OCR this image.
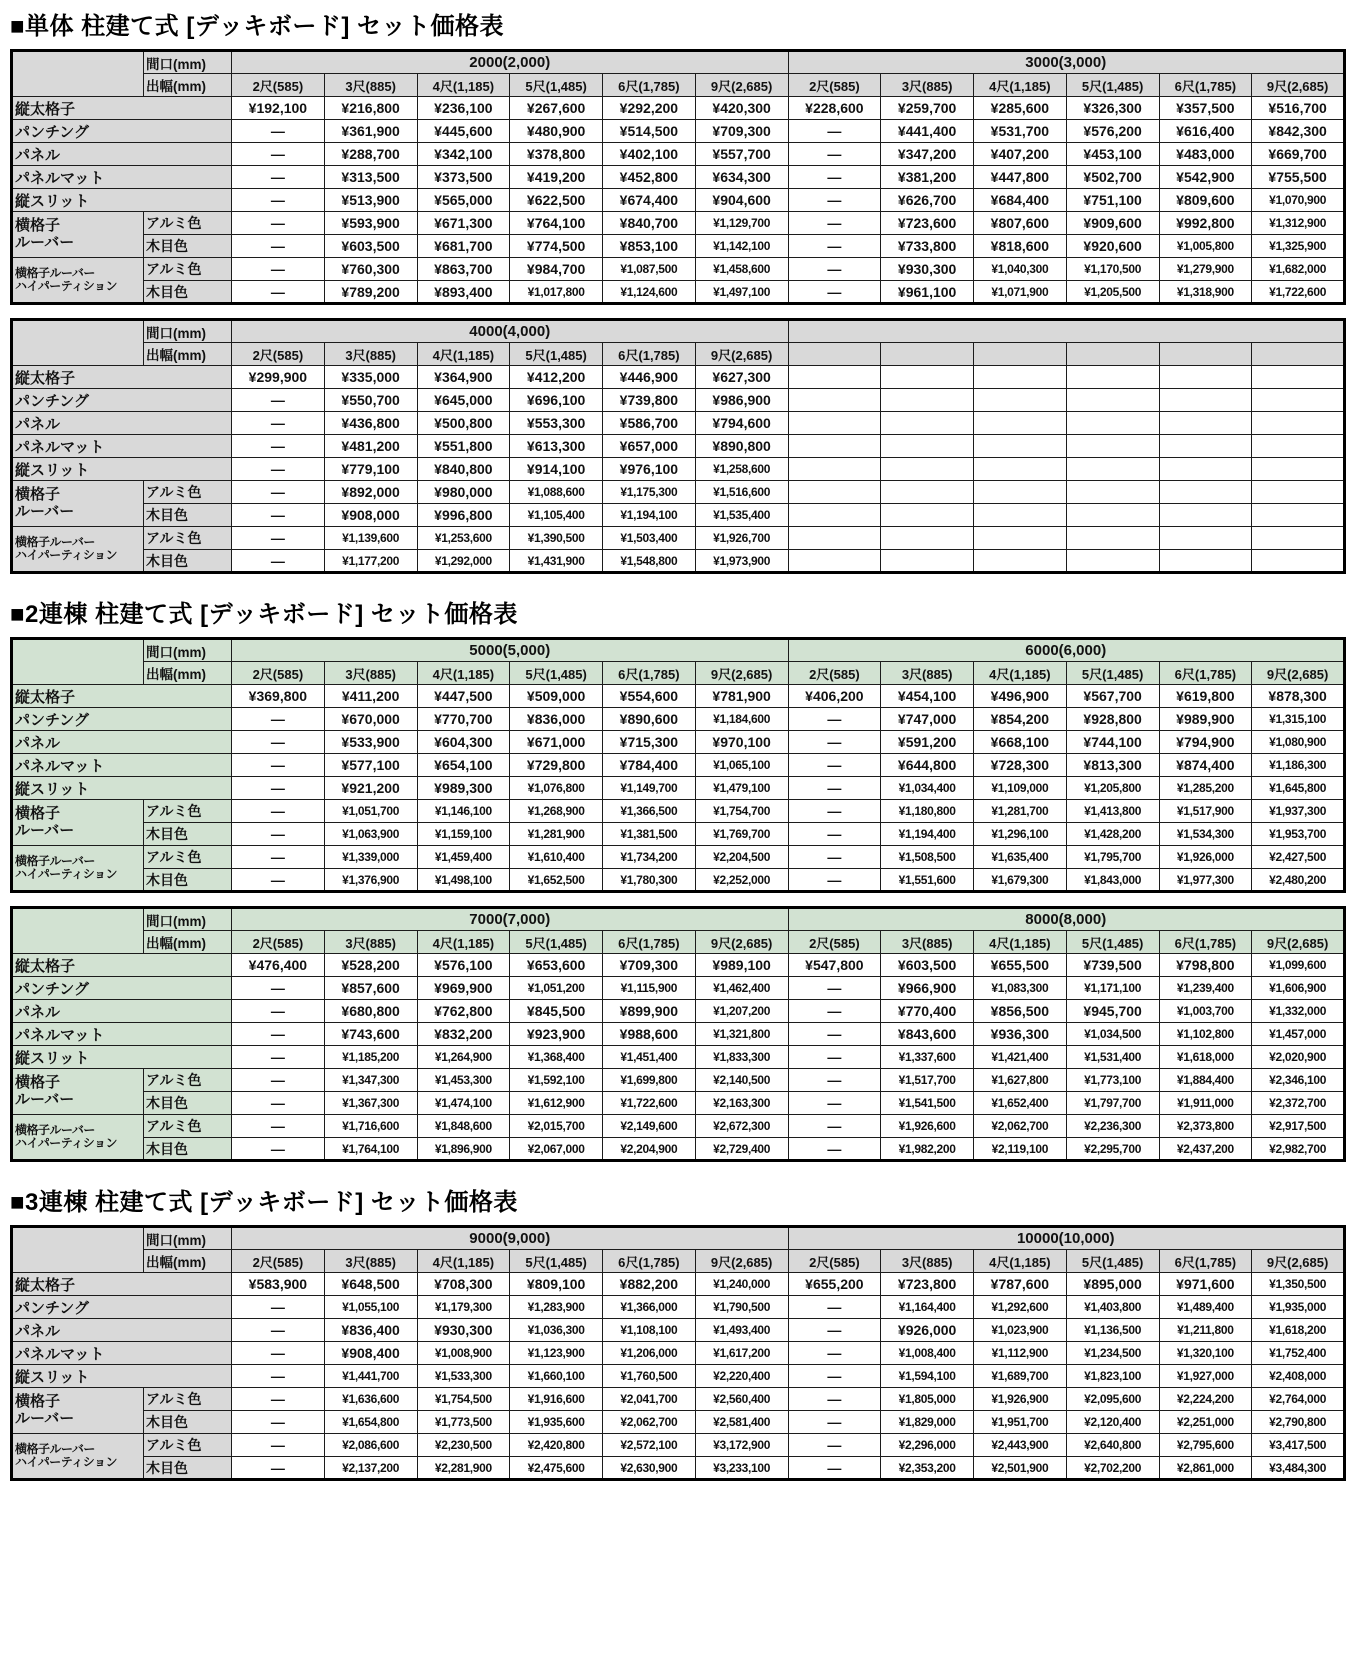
■単体 柱建て式 [デッキボード] セット価格表
	間口(mm)	2000(2,000)						3000(3,000)					
	出幅(mm)	2尺(585)	3尺(885)	4尺(1,185)	5尺(1,485)	6尺(1,785)	9尺(2,685)	2尺(585)	3尺(885)	4尺(1,185)	5尺(1,485)	6尺(1,785)	9尺(2,685)
縦太格子		¥192,100	¥216,800	¥236,100	¥267,600	¥292,200	¥420,300	¥228,600	¥259,700	¥285,600	¥326,300	¥357,500	¥516,700
パンチング		—	¥361,900	¥445,600	¥480,900	¥514,500	¥709,300	—	¥441,400	¥531,700	¥576,200	¥616,400	¥842,300
パネル		—	¥288,700	¥342,100	¥378,800	¥402,100	¥557,700	—	¥347,200	¥407,200	¥453,100	¥483,000	¥669,700
パネルマット		—	¥313,500	¥373,500	¥419,200	¥452,800	¥634,300	—	¥381,200	¥447,800	¥502,700	¥542,900	¥755,500
縦スリット		—	¥513,900	¥565,000	¥622,500	¥674,400	¥904,600	—	¥626,700	¥684,400	¥751,100	¥809,600	¥1,070,900
横格子
ルーバー	アルミ色	—	¥593,900	¥671,300	¥764,100	¥840,700	¥1,129,700	—	¥723,600	¥807,600	¥909,600	¥992,800	¥1,312,900
	木目色	—	¥603,500	¥681,700	¥774,500	¥853,100	¥1,142,100	—	¥733,800	¥818,600	¥920,600	¥1,005,800	¥1,325,900
横格子ルーバー
ハイパーティション	アルミ色	—	¥760,300	¥863,700	¥984,700	¥1,087,500	¥1,458,600	—	¥930,300	¥1,040,300	¥1,170,500	¥1,279,900	¥1,682,000
	木目色	—	¥789,200	¥893,400	¥1,017,800	¥1,124,600	¥1,497,100	—	¥961,100	¥1,071,900	¥1,205,500	¥1,318,900	¥1,722,600
	間口(mm)	4000(4,000)											
	出幅(mm)	2尺(585)	3尺(885)	4尺(1,185)	5尺(1,485)	6尺(1,785)	9尺(2,685)						
縦太格子		¥299,900	¥335,000	¥364,900	¥412,200	¥446,900	¥627,300						
パンチング		—	¥550,700	¥645,000	¥696,100	¥739,800	¥986,900						
パネル		—	¥436,800	¥500,800	¥553,300	¥586,700	¥794,600						
パネルマット		—	¥481,200	¥551,800	¥613,300	¥657,000	¥890,800						
縦スリット		—	¥779,100	¥840,800	¥914,100	¥976,100	¥1,258,600						
横格子
ルーバー	アルミ色	—	¥892,000	¥980,000	¥1,088,600	¥1,175,300	¥1,516,600						
	木目色	—	¥908,000	¥996,800	¥1,105,400	¥1,194,100	¥1,535,400						
横格子ルーバー
ハイパーティション	アルミ色	—	¥1,139,600	¥1,253,600	¥1,390,500	¥1,503,400	¥1,926,700						
	木目色	—	¥1,177,200	¥1,292,000	¥1,431,900	¥1,548,800	¥1,973,900						
■2連棟 柱建て式 [デッキボード] セット価格表
	間口(mm)	5000(5,000)						6000(6,000)					
	出幅(mm)	2尺(585)	3尺(885)	4尺(1,185)	5尺(1,485)	6尺(1,785)	9尺(2,685)	2尺(585)	3尺(885)	4尺(1,185)	5尺(1,485)	6尺(1,785)	9尺(2,685)
縦太格子		¥369,800	¥411,200	¥447,500	¥509,000	¥554,600	¥781,900	¥406,200	¥454,100	¥496,900	¥567,700	¥619,800	¥878,300
パンチング		—	¥670,000	¥770,700	¥836,000	¥890,600	¥1,184,600	—	¥747,000	¥854,200	¥928,800	¥989,900	¥1,315,100
パネル		—	¥533,900	¥604,300	¥671,000	¥715,300	¥970,100	—	¥591,200	¥668,100	¥744,100	¥794,900	¥1,080,900
パネルマット		—	¥577,100	¥654,100	¥729,800	¥784,400	¥1,065,100	—	¥644,800	¥728,300	¥813,300	¥874,400	¥1,186,300
縦スリット		—	¥921,200	¥989,300	¥1,076,800	¥1,149,700	¥1,479,100	—	¥1,034,400	¥1,109,000	¥1,205,800	¥1,285,200	¥1,645,800
横格子
ルーバー	アルミ色	—	¥1,051,700	¥1,146,100	¥1,268,900	¥1,366,500	¥1,754,700	—	¥1,180,800	¥1,281,700	¥1,413,800	¥1,517,900	¥1,937,300
	木目色	—	¥1,063,900	¥1,159,100	¥1,281,900	¥1,381,500	¥1,769,700	—	¥1,194,400	¥1,296,100	¥1,428,200	¥1,534,300	¥1,953,700
横格子ルーバー
ハイパーティション	アルミ色	—	¥1,339,000	¥1,459,400	¥1,610,400	¥1,734,200	¥2,204,500	—	¥1,508,500	¥1,635,400	¥1,795,700	¥1,926,000	¥2,427,500
	木目色	—	¥1,376,900	¥1,498,100	¥1,652,500	¥1,780,300	¥2,252,000	—	¥1,551,600	¥1,679,300	¥1,843,000	¥1,977,300	¥2,480,200
	間口(mm)	7000(7,000)						8000(8,000)					
	出幅(mm)	2尺(585)	3尺(885)	4尺(1,185)	5尺(1,485)	6尺(1,785)	9尺(2,685)	2尺(585)	3尺(885)	4尺(1,185)	5尺(1,485)	6尺(1,785)	9尺(2,685)
縦太格子		¥476,400	¥528,200	¥576,100	¥653,600	¥709,300	¥989,100	¥547,800	¥603,500	¥655,500	¥739,500	¥798,800	¥1,099,600
パンチング		—	¥857,600	¥969,900	¥1,051,200	¥1,115,900	¥1,462,400	—	¥966,900	¥1,083,300	¥1,171,100	¥1,239,400	¥1,606,900
パネル		—	¥680,800	¥762,800	¥845,500	¥899,900	¥1,207,200	—	¥770,400	¥856,500	¥945,700	¥1,003,700	¥1,332,000
パネルマット		—	¥743,600	¥832,200	¥923,900	¥988,600	¥1,321,800	—	¥843,600	¥936,300	¥1,034,500	¥1,102,800	¥1,457,000
縦スリット		—	¥1,185,200	¥1,264,900	¥1,368,400	¥1,451,400	¥1,833,300	—	¥1,337,600	¥1,421,400	¥1,531,400	¥1,618,000	¥2,020,900
横格子
ルーバー	アルミ色	—	¥1,347,300	¥1,453,300	¥1,592,100	¥1,699,800	¥2,140,500	—	¥1,517,700	¥1,627,800	¥1,773,100	¥1,884,400	¥2,346,100
	木目色	—	¥1,367,300	¥1,474,100	¥1,612,900	¥1,722,600	¥2,163,300	—	¥1,541,500	¥1,652,400	¥1,797,700	¥1,911,000	¥2,372,700
横格子ルーバー
ハイパーティション	アルミ色	—	¥1,716,600	¥1,848,600	¥2,015,700	¥2,149,600	¥2,672,300	—	¥1,926,600	¥2,062,700	¥2,236,300	¥2,373,800	¥2,917,500
	木目色	—	¥1,764,100	¥1,896,900	¥2,067,000	¥2,204,900	¥2,729,400	—	¥1,982,200	¥2,119,100	¥2,295,700	¥2,437,200	¥2,982,700
■3連棟 柱建て式 [デッキボード] セット価格表
	間口(mm)	9000(9,000)						10000(10,000)					
	出幅(mm)	2尺(585)	3尺(885)	4尺(1,185)	5尺(1,485)	6尺(1,785)	9尺(2,685)	2尺(585)	3尺(885)	4尺(1,185)	5尺(1,485)	6尺(1,785)	9尺(2,685)
縦太格子		¥583,900	¥648,500	¥708,300	¥809,100	¥882,200	¥1,240,000	¥655,200	¥723,800	¥787,600	¥895,000	¥971,600	¥1,350,500
パンチング		—	¥1,055,100	¥1,179,300	¥1,283,900	¥1,366,000	¥1,790,500	—	¥1,164,400	¥1,292,600	¥1,403,800	¥1,489,400	¥1,935,000
パネル		—	¥836,400	¥930,300	¥1,036,300	¥1,108,100	¥1,493,400	—	¥926,000	¥1,023,900	¥1,136,500	¥1,211,800	¥1,618,200
パネルマット		—	¥908,400	¥1,008,900	¥1,123,900	¥1,206,000	¥1,617,200	—	¥1,008,400	¥1,112,900	¥1,234,500	¥1,320,100	¥1,752,400
縦スリット		—	¥1,441,700	¥1,533,300	¥1,660,100	¥1,760,500	¥2,220,400	—	¥1,594,100	¥1,689,700	¥1,823,100	¥1,927,000	¥2,408,000
横格子
ルーバー	アルミ色	—	¥1,636,600	¥1,754,500	¥1,916,600	¥2,041,700	¥2,560,400	—	¥1,805,000	¥1,926,900	¥2,095,600	¥2,224,200	¥2,764,000
	木目色	—	¥1,654,800	¥1,773,500	¥1,935,600	¥2,062,700	¥2,581,400	—	¥1,829,000	¥1,951,700	¥2,120,400	¥2,251,000	¥2,790,800
横格子ルーバー
ハイパーティション	アルミ色	—	¥2,086,600	¥2,230,500	¥2,420,800	¥2,572,100	¥3,172,900	—	¥2,296,000	¥2,443,900	¥2,640,800	¥2,795,600	¥3,417,500
	木目色	—	¥2,137,200	¥2,281,900	¥2,475,600	¥2,630,900	¥3,233,100	—	¥2,353,200	¥2,501,900	¥2,702,200	¥2,861,000	¥3,484,300
